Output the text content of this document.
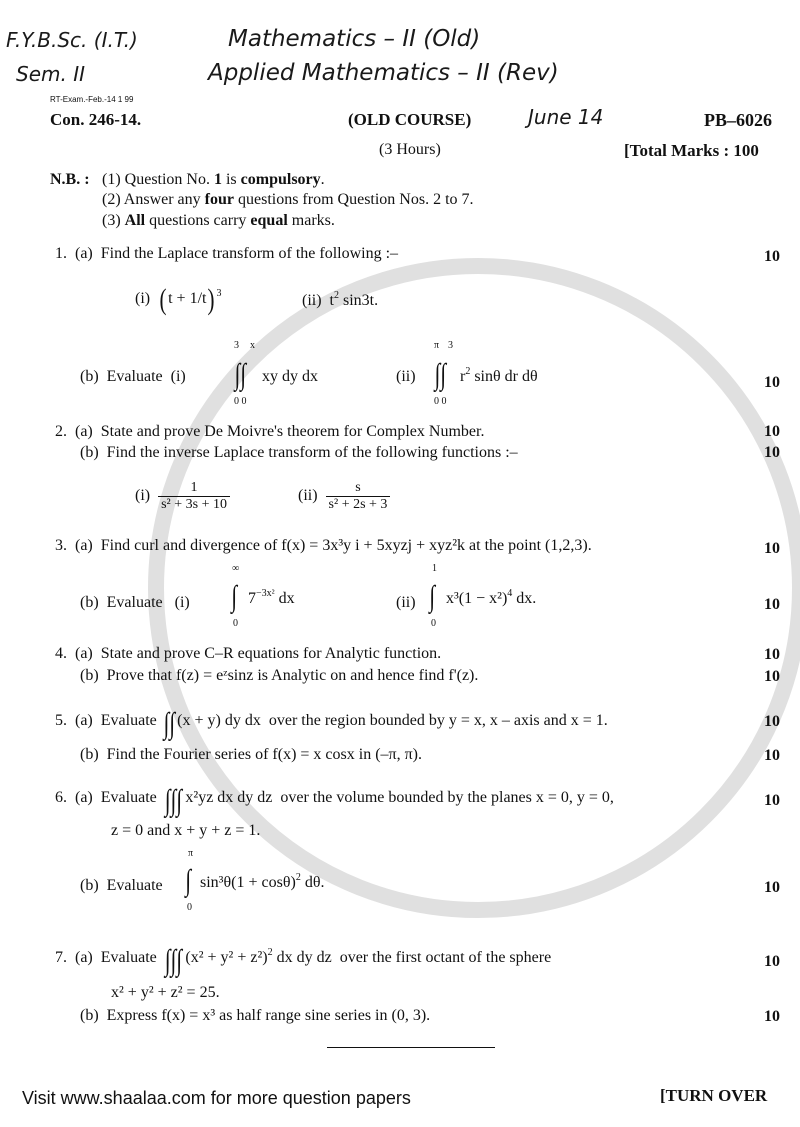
F.Y.B.Sc. (I.T.)	Mathematics – II (Old)
Sem. II	Applied Mathematics – II (Rev)
RT-Exam.-Feb.-14 1 99
Con. 246-14.	(OLD COURSE)	June 14	PB–6026
(3 Hours)	[Total Marks : 100
N.B. : (1) Question No. 1 is compulsory.
(2) Answer any four questions from Question Nos. 2 to 7.
(3) All questions carry equal marks.
1. (a) Find the Laplace transform of the following :–	10
(i) (t + 1/t) $^3$	(ii) $t^2$ sin3t.
(b) Evaluate (i)
3 x
∫∫
0 0
xy dy dx	(ii)
π 3
∫∫
0 0
$r^2$ sinθ dr dθ	10
2. (a) State and prove De Moivre's theorem for Complex Number.	10
(b) Find the inverse Laplace transform of the following functions :–	10
$(i) \frac{1}{\text{s² + 3s + 10}}$	$(ii) \frac{s}{\text{s² + 2s + 3}}$
3. (a) Find curl and divergence of f(x) = 3x³y i + 5xyzj + xyz²k at the point (1,2,3).	10
(b) Evaluate (i)
∞
∫
0
$7^{-3x^2}$ dx	(ii)
1
∫
0
$x^3(1 - x^2)^4$ dx.	10
4. (a) State and prove C–R equations for Analytic function.	10
(b) Prove that f(z) = eᶻsinz is Analytic on and hence find f'(z).	10
5. (a) Evaluate ∫∫ (x + y) dy dx over the region bounded by y = x, x – axis and x = 1.	10
(b) Find the Fourier series of f(x) = x cosx in (–π, π).	10
6. (a) Evaluate ∫∫∫ x²yz dx dy dz over the volume bounded by the planes x = 0, y = 0,	10
z = 0 and x + y + z = 1.
(b) Evaluate
π
∫
0
$\sin^3\theta(1 + \cos\theta)^2$ dθ.	10
7. (a) Evaluate ∫∫∫ $(x^2 + y^2 + z^2)^2$ dx dy dz over the first octant of the sphere	10
x² + y² + z² = 25.
(b) Express f(x) = x³ as half range sine series in (0, 3).	10
Visit www.shaalaa.com for more question papers	[TURN OVER
